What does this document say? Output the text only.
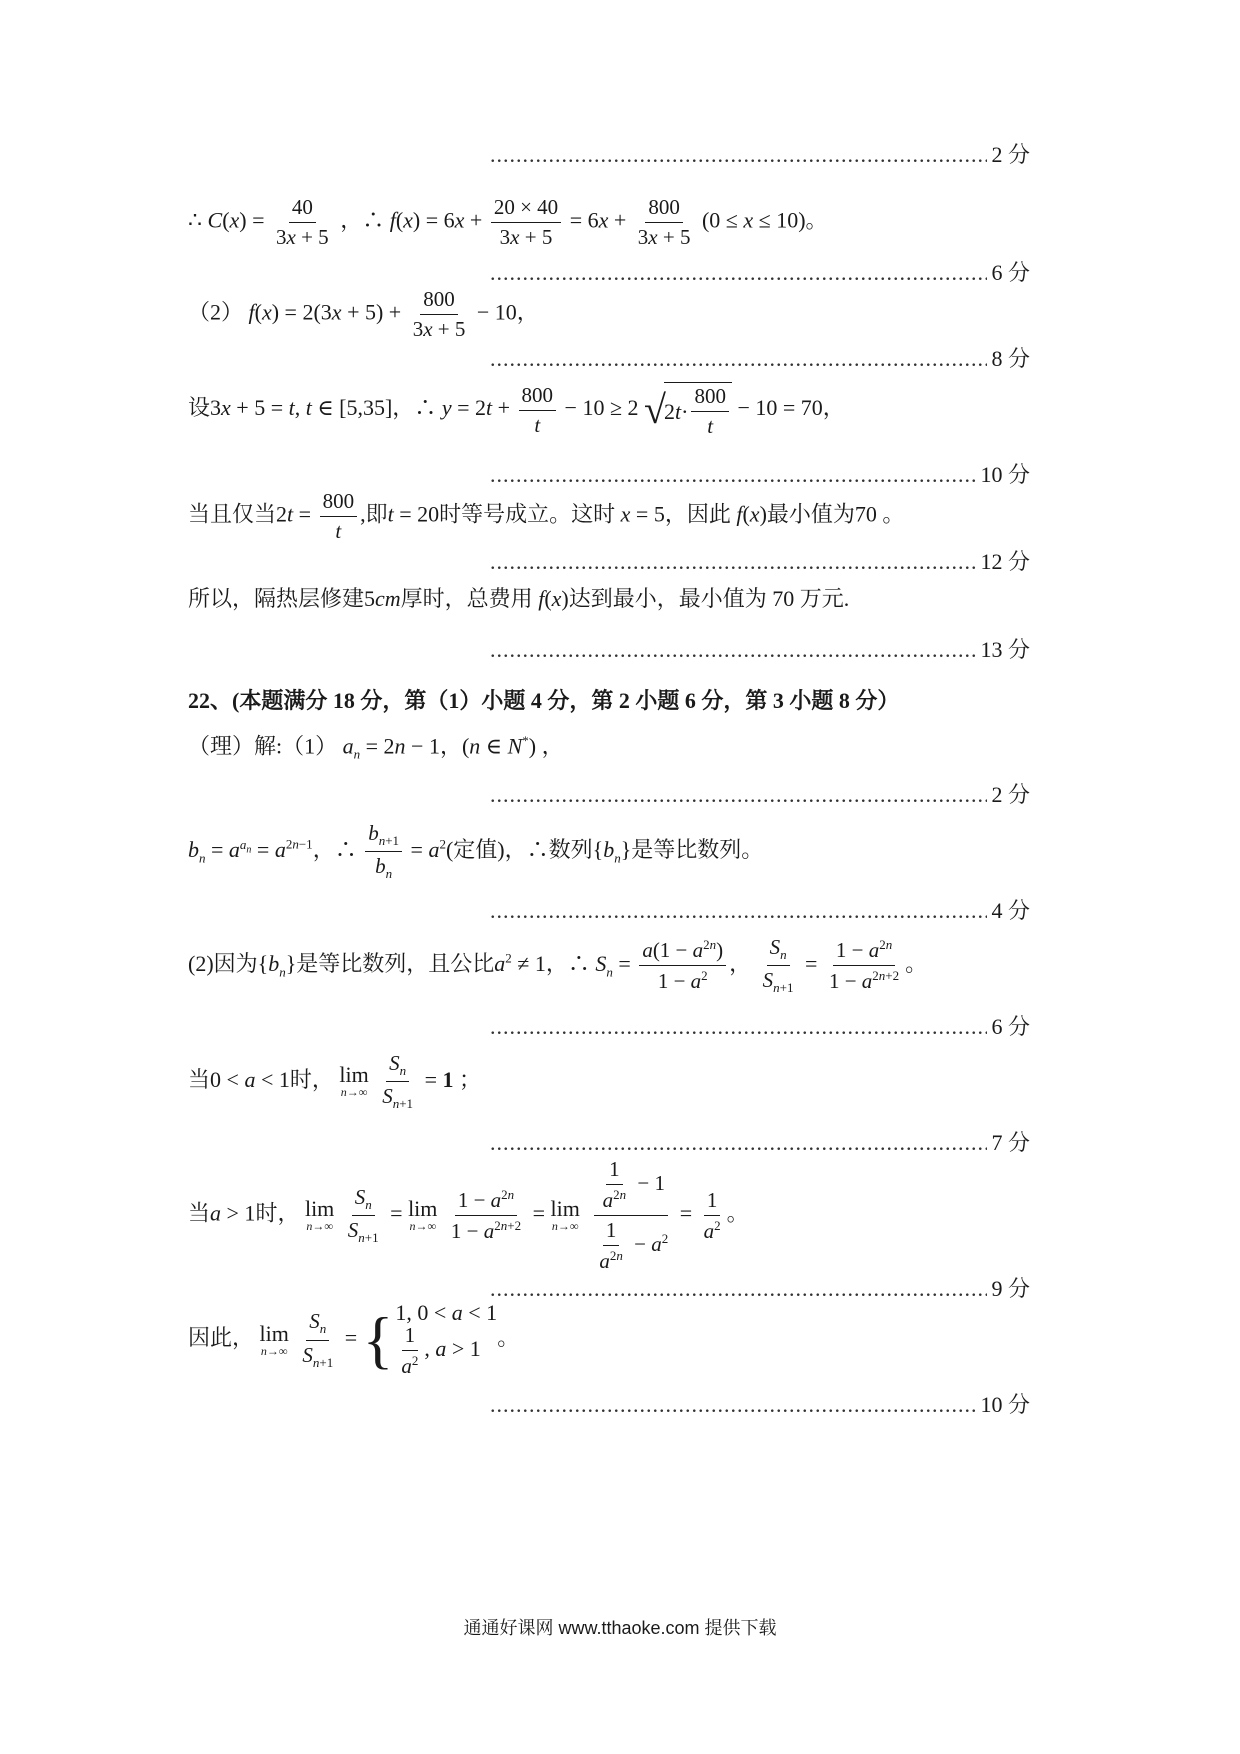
.....
2 分
∴ $C(x) = \frac{40}{3x + 5}$ ，∴ $f(x) = 6x + \frac{20 \times 40}{3x + 5} = 6x + \frac{800}{3x + 5} (0 \le x \le 10)$。
.....
6 分
（2） $f(x) = 2(3x + 5) + \frac{800}{3x + 5} - 10$，
.....
8 分
设3x + 5 = t, t ∈ [5,35]，∴ $y = 2t + \frac{800}{t} - 10 \ge 2$ √
2 $t \cdot \frac{800}{t} - 10 = 70$，
.....
10 分
当且仅当$2t = \frac{800}{t}$ ,即t = 20时等号成立。这时 x = 5，因此 f(x)最小值为70 。
.....
12 分
所以，隔热层修建5cm厚时，总费用 f(x)达到最小，最小值为 70 万元.
.....
13 分
22、(本题满分 18 分，第（1）小题 4 分，第 2 小题 6 分，第 3 小题 8 分）
（理）解:（1） $a_n = 2n - 1$，(n ∈ N*) ，
.....
2 分
$b_n = a^{a_n} = a^{2n-1}$，∴ $\frac{b_{n+1}}{b_n} = a^2$(定值)，∴数列$\{b_n\}$是等比数列。
.....
4 分
(2)因为$\{b_n\}$是等比数列，且公比$a^2 \ne 1$，∴ $S_n = \frac{a(1 - a^{2n})}{1 - a^2}$ ， $\frac{S_n}{S_{n+1}} = \frac{1 - a^{2n}}{1 - a^{2n+2}}$ 。
.....
6 分
当0 < a < 1时， lim
n→∞
$\frac{S_n}{S_{n+1}} = 1$ ；
.....
7 分
当a > 1时， lim
n→∞
$\frac{S_n}{S_{n+1}} = \lim$
n→∞
$\frac{1 - a^{2n}}{1 - a^{2n+2}} = \lim$
n→∞
$\frac{\frac{1}{a^{2n}} - 1}{\frac{1}{a^{2n}} - a^2} = \frac{1}{a^2}$ 。
.....
9 分
因此， lim
n→∞
$\frac{S_n}{S_{n+1}}$ = { 1, 0 < a < 1
$\frac{1}{a^2}$ , a > 1 。
.....
10 分
通通好课网 www.tthaoke.com 提供下载
